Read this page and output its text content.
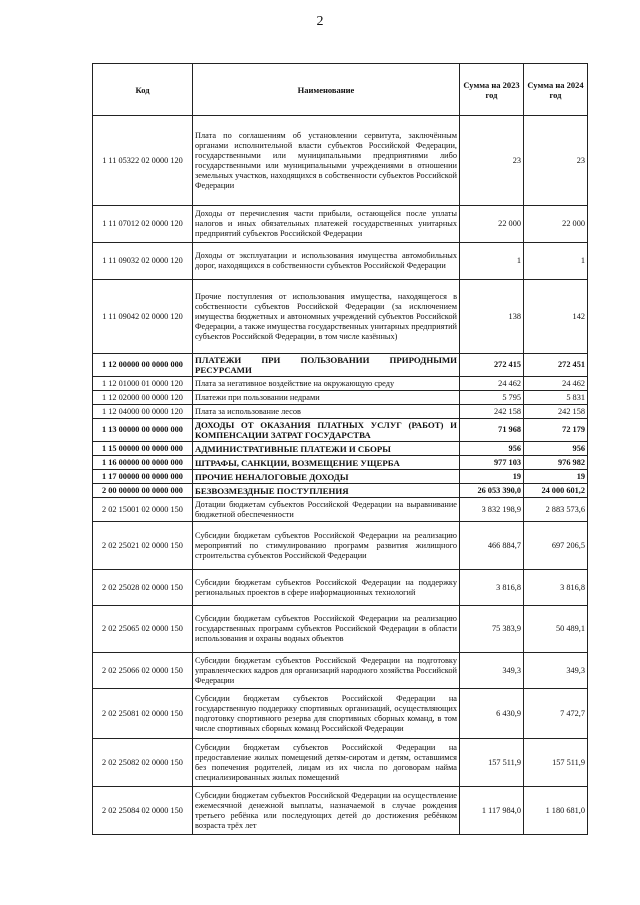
2
Код	Наименование	Сумма на 2023 год	Сумма на 2024 год
1 11 05322 02 0000 120	Плата по соглашениям об установлении сервитута, заключённым органами исполнительной власти субъектов Российской Федерации, государственными или муниципальными предприятиями либо государственными или муниципальными учреждениями в отношении земельных участков, находящихся в собственности субъектов Российской Федерации	23	23
1 11 07012 02 0000 120	Доходы от перечисления части прибыли, остающейся после уплаты налогов и иных обязательных платежей государственных унитарных предприятий субъектов Российской Федерации	22 000	22 000
1 11 09032 02 0000 120	Доходы от эксплуатации и использования имущества автомобильных дорог, находящихся в собственности субъектов Российской Федерации	1	1
1 11 09042 02 0000 120	Прочие поступления от использования имущества, находящегося в собственности субъектов Российской Федерации (за исключением имущества бюджетных и автономных учреждений субъектов Российской Федерации, а также имущества государственных унитарных предприятий субъектов Российской Федерации, в том числе казённых)	138	142
1 12 00000 00 0000 000	ПЛАТЕЖИ ПРИ ПОЛЬЗОВАНИИ ПРИРОДНЫМИ РЕСУРСАМИ	272 415	272 451
1 12 01000 01 0000 120	Плата за негативное воздействие на окружающую среду	24 462	24 462
1 12 02000 00 0000 120	Платежи при пользовании недрами	5 795	5 831
1 12 04000 00 0000 120	Плата за использование лесов	242 158	242 158
1 13 00000 00 0000 000	ДОХОДЫ ОТ ОКАЗАНИЯ ПЛАТНЫХ УСЛУГ (РАБОТ) И КОМПЕНСАЦИИ ЗАТРАТ ГОСУДАРСТВА	71 968	72 179
1 15 00000 00 0000 000	АДМИНИСТРАТИВНЫЕ ПЛАТЕЖИ И СБОРЫ	956	956
1 16 00000 00 0000 000	ШТРАФЫ, САНКЦИИ, ВОЗМЕЩЕНИЕ УЩЕРБА	977 103	976 982
1 17 00000 00 0000 000	ПРОЧИЕ НЕНАЛОГОВЫЕ ДОХОДЫ	19	19
2 00 00000 00 0000 000	БЕЗВОЗМЕЗДНЫЕ ПОСТУПЛЕНИЯ	26 053 390,0	24 000 601,2
2 02 15001 02 0000 150	Дотации бюджетам субъектов Российской Федерации на выравнивание бюджетной обеспеченности	3 832 198,9	2 883 573,6
2 02 25021 02 0000 150	Субсидии бюджетам субъектов Российской Федерации на реализацию мероприятий по стимулированию программ развития жилищного строительства субъектов Российской Федерации	466 884,7	697 206,5
2 02 25028 02 0000 150	Субсидии бюджетам субъектов Российской Федерации на поддержку региональных проектов в сфере информационных технологий	3 816,8	3 816,8
2 02 25065 02 0000 150	Субсидии бюджетам субъектов Российской Федерации на реализацию государственных программ субъектов Российской Федерации в области использования и охраны водных объектов	75 383,9	50 489,1
2 02 25066 02 0000 150	Субсидии бюджетам субъектов Российской Федерации на подготовку управленческих кадров для организаций народного хозяйства Российской Федерации	349,3	349,3
2 02 25081 02 0000 150	Субсидии бюджетам субъектов Российской Федерации на государственную поддержку спортивных организаций, осуществляющих подготовку спортивного резерва для спортивных сборных команд, в том числе спортивных сборных команд Российской Федерации	6 430,9	7 472,7
2 02 25082 02 0000 150	Субсидии бюджетам субъектов Российской Федерации на предоставление жилых помещений детям-сиротам и детям, оставшимся без попечения родителей, лицам из их числа по договорам найма специализированных жилых помещений	157 511,9	157 511,9
2 02 25084 02 0000 150	Субсидии бюджетам субъектов Российской Федерации на осуществление ежемесячной денежной выплаты, назначаемой в случае рождения третьего ребёнка или последующих детей до достижения ребёнком возраста трёх лет	1 117 984,0	1 180 681,0
